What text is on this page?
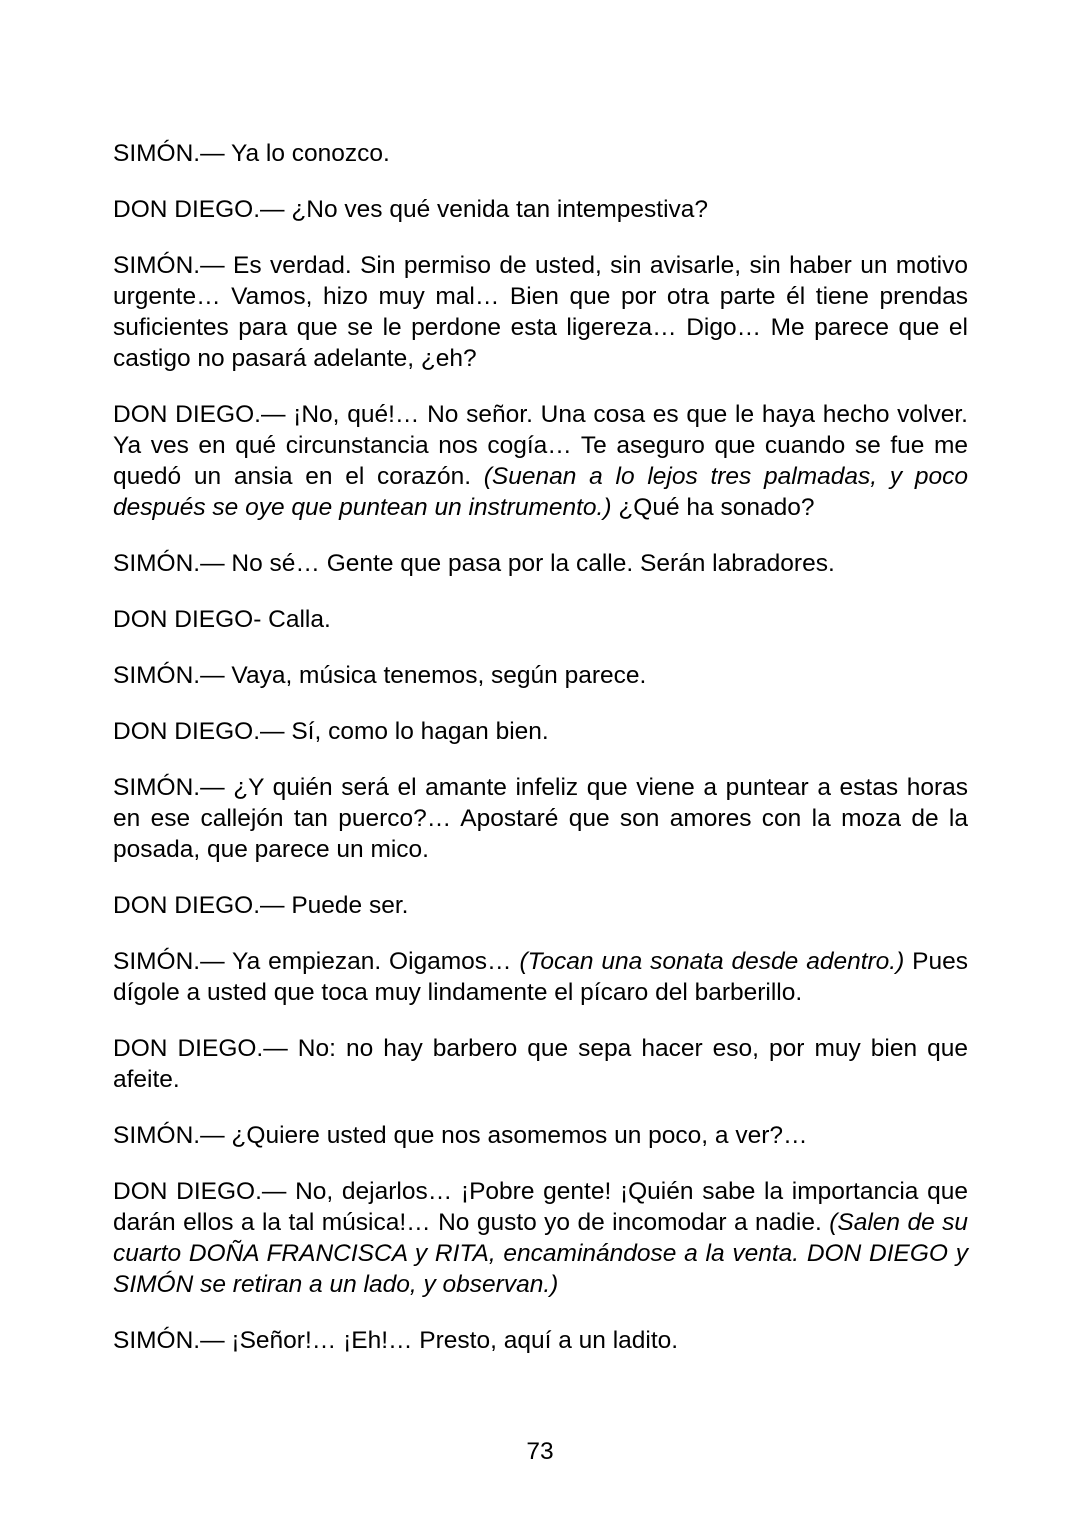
SIMÓN.— Ya lo conozco.

DON DIEGO.— ¿No ves qué venida tan intempestiva?

SIMÓN.— Es verdad. Sin permiso de usted, sin avisarle, sin haber un motivo urgente… Vamos, hizo muy mal… Bien que por otra parte él tiene prendas suficientes para que se le perdone esta ligereza… Digo… Me parece que el castigo no pasará adelante, ¿eh?

DON DIEGO.— ¡No, qué!… No señor. Una cosa es que le haya hecho volver. Ya ves en qué circunstancia nos cogía… Te aseguro que cuando se fue me quedó un ansia en el corazón. (Suenan a lo lejos tres palmadas, y poco después se oye que puntean un instrumento.) ¿Qué ha sonado?

SIMÓN.— No sé… Gente que pasa por la calle. Serán labradores.

DON DIEGO- Calla.

SIMÓN.— Vaya, música tenemos, según parece.

DON DIEGO.— Sí, como lo hagan bien.

SIMÓN.— ¿Y quién será el amante infeliz que viene a puntear a estas horas en ese callejón tan puerco?… Apostaré que son amores con la moza de la posada, que parece un mico.

DON DIEGO.— Puede ser.

SIMÓN.— Ya empiezan. Oigamos… (Tocan una sonata desde adentro.) Pues dígole a usted que toca muy lindamente el pícaro del barberillo.

DON DIEGO.— No: no hay barbero que sepa hacer eso, por muy bien que afeite.

SIMÓN.— ¿Quiere usted que nos asomemos un poco, a ver?…

DON DIEGO.— No, dejarlos… ¡Pobre gente! ¡Quién sabe la importancia que darán ellos a la tal música!… No gusto yo de incomodar a nadie. (Salen de su cuarto DOÑA FRANCISCA y RITA, encaminándose a la venta. DON DIEGO y SIMÓN se retiran a un lado, y observan.)

SIMÓN.— ¡Señor!… ¡Eh!… Presto, aquí a un ladito.

73
